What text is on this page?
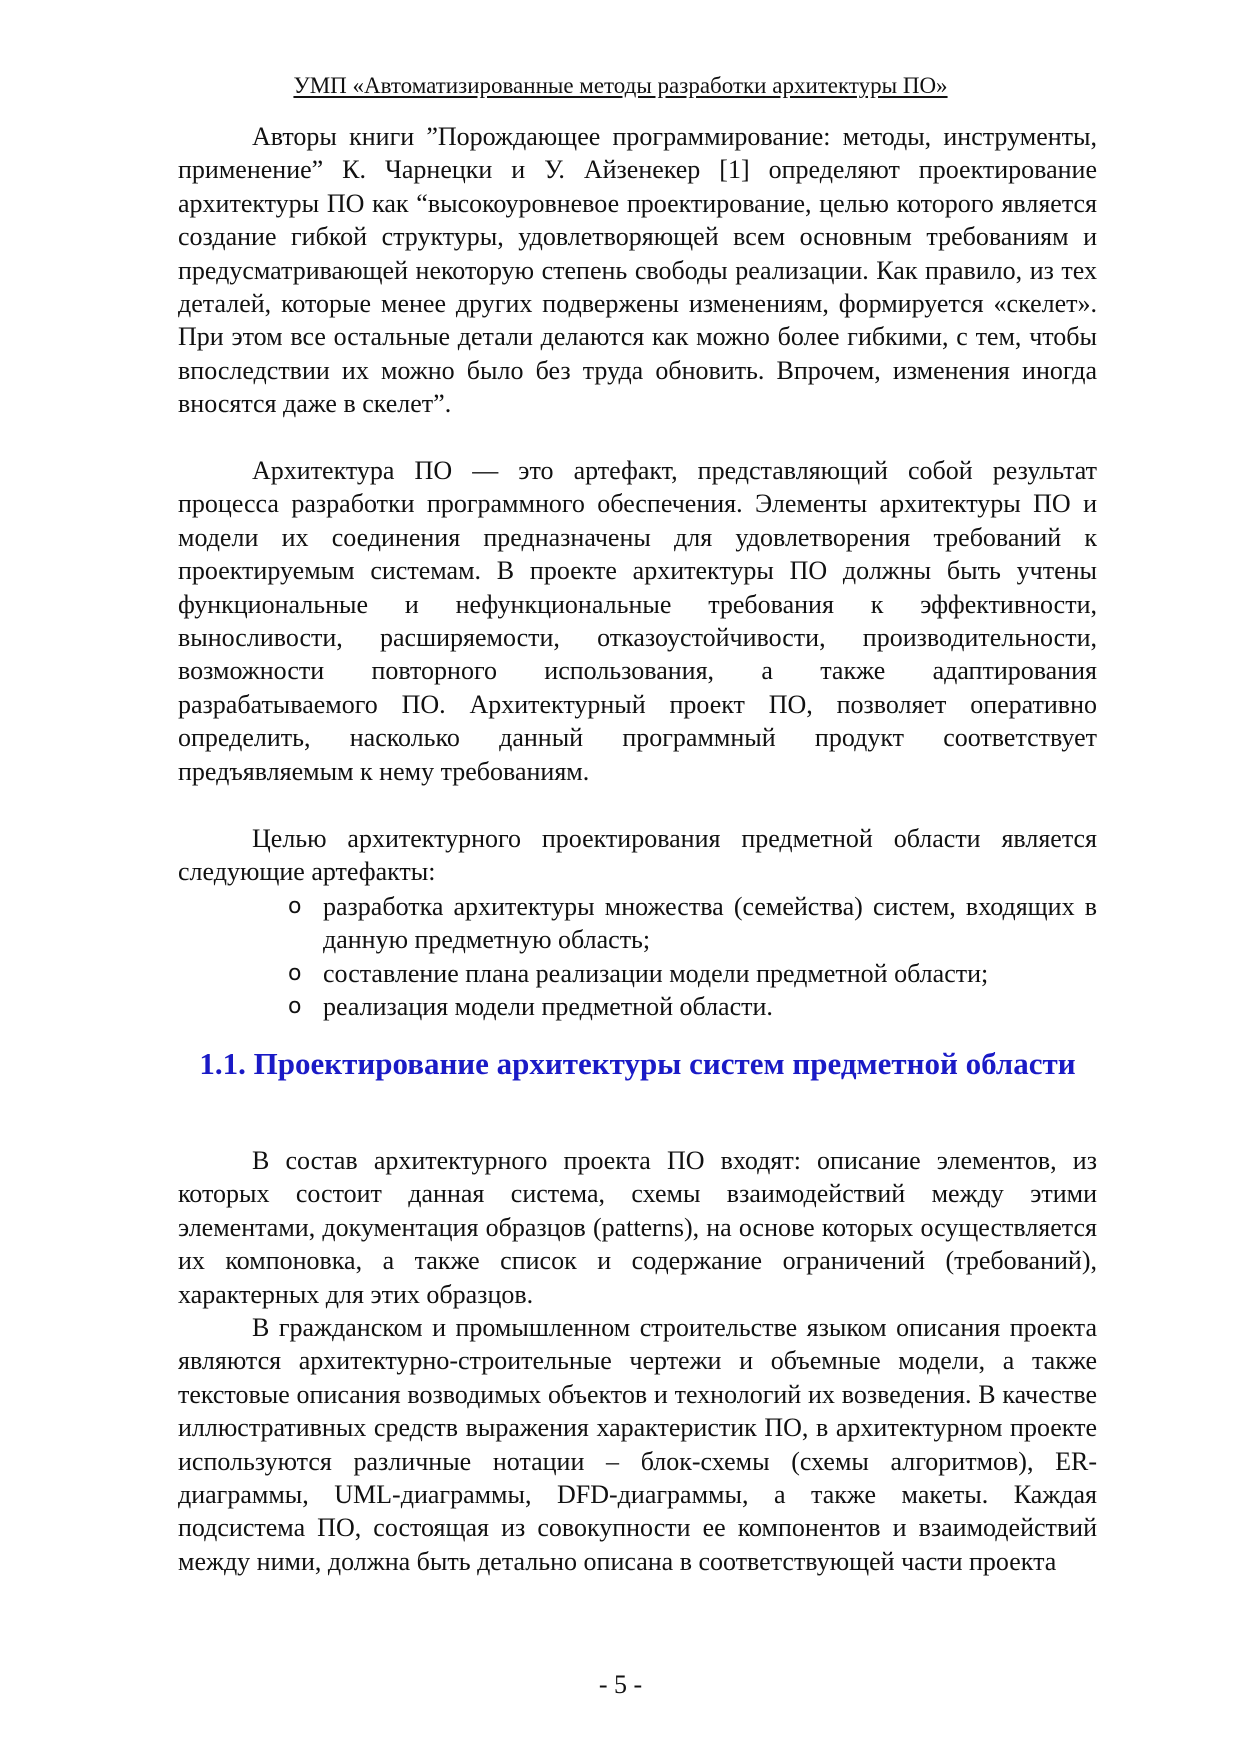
УМП «Автоматизированные методы разработки архитектуры ПО»

Авторы книги ”Порождающее программирование: методы, инструменты, применение” К. Чарнецки и У. Айзенекер [1] определяют проектирование архитектуры ПО как “высокоуровневое проектирование, целью которого является создание гибкой структуры, удовлетворяющей всем основным требованиям и предусматривающей некоторую степень свободы реализации. Как правило, из тех деталей, которые менее других подвержены изменениям, формируется «скелет». При этом все остальные детали делаются как можно более гибкими, с тем, чтобы впоследствии их можно было без труда обновить. Впрочем, изменения иногда вносятся даже в скелет”.

Архитектура ПО — это артефакт, представляющий собой результат процесса разработки программного обеспечения. Элементы архитектуры ПО и модели их соединения предназначены для удовлетворения требований к проектируемым системам. В проекте архитектуры ПО должны быть учтены функциональные и нефункциональные требования к эффективности, выносливости, расширяемости, отказоустойчивости, производительности, возможности повторного использования, а также адаптирования разрабатываемого ПО. Архитектурный проект ПО, позволяет оперативно определить, насколько данный программный продукт соответствует предъявляемым к нему требованиям.

Целью архитектурного проектирования предметной области является следующие артефакты:

o разработка архитектуры множества (семейства) систем, входящих в данную предметную область;
o составление плана реализации модели предметной области;
o реализация модели предметной области.
1.1. Проектирование архитектуры систем предметной области

В состав архитектурного проекта ПО входят: описание элементов, из которых состоит данная система, схемы взаимодействий между этими элементами, документация образцов (patterns), на основе которых осуществляется их компоновка, а также список и содержание ограничений (требований), характерных для этих образцов.

В гражданском и промышленном строительстве языком описания проекта являются архитектурно-строительные чертежи и объемные модели, а также текстовые описания возводимых объектов и технологий их возведения. В качестве иллюстративных средств выражения характеристик ПО, в архитектурном проекте используются различные нотации – блок-схемы (схемы алгоритмов), ER-диаграммы, UML-диаграммы, DFD-диаграммы, а также макеты. Каждая подсистема ПО, состоящая из совокупности ее компонентов и взаимодействий между ними, должна быть детально описана в соответствующей части проекта

- 5 -
